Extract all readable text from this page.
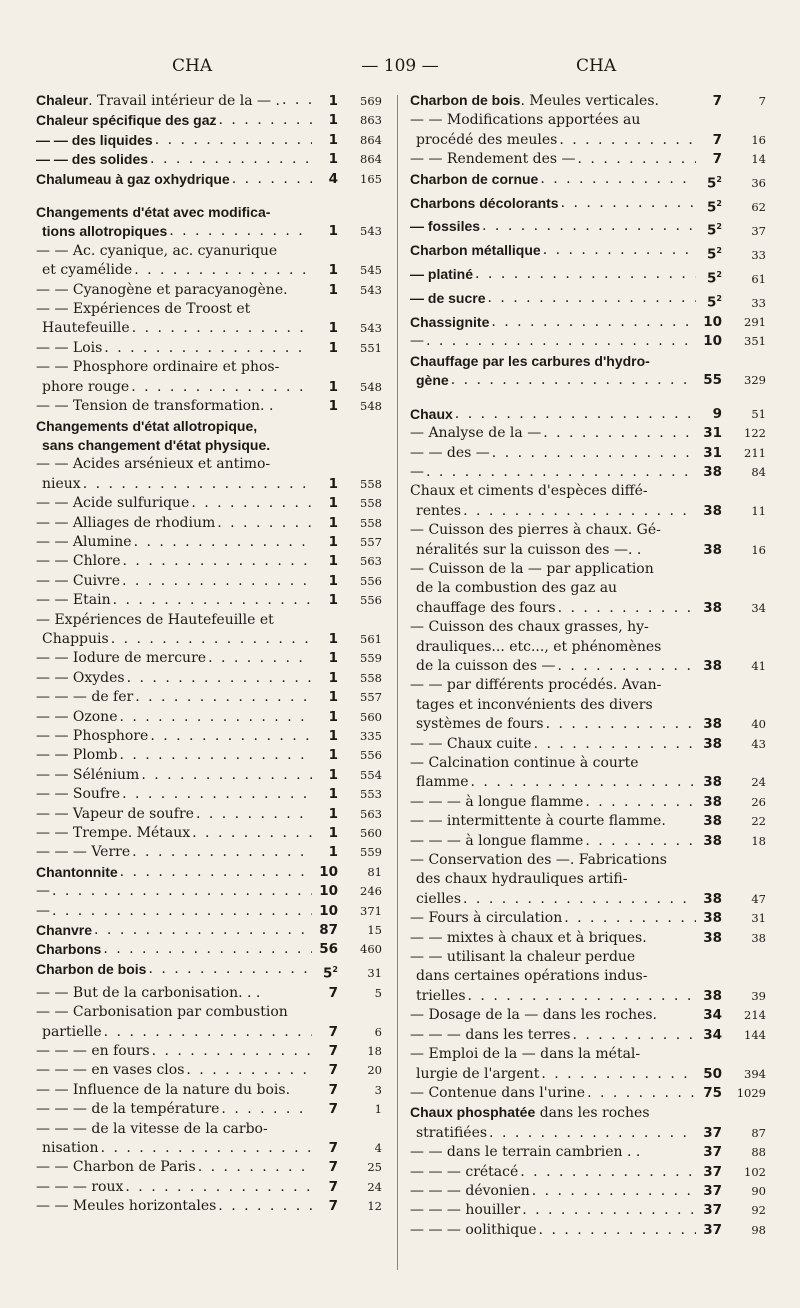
CHA	— 109 —	CHA
Chaleur. Travail intérieur de la — . . . .	1	569
Chaleur spécifique des gaz . . .	1	863
— — des liquides . . .	1	864
— — des solides . . .	1	864
Chalumeau à gaz oxhydrique . . .	4	165
Changements d'état avec modifica-
tions allotropiques . . .	1	543
— — Ac. cyanique, ac. cyanurique
et cyamélide . . .	1	545
— — Cyanogène et paracyanogène.	1	543
— — Expériences de Troost et
Hautefeuille . . .	1	543
— — Lois . . .	1	551
— — Phosphore ordinaire et phos-
phore rouge . . .	1	548
— — Tension de transformation. .	1	548
Changements d'état allotropique,
sans changement d'état physique.
— — Acides arsénieux et antimo-
nieux . . .	1	558
— — Acide sulfurique . . .	1	558
— — Alliages de rhodium . . .	1	558
— — Alumine . . .	1	557
— — Chlore . . .	1	563
— — Cuivre . . .	1	556
— — Etain . . .	1	556
— Expériences de Hautefeuille et
Chappuis . . .	1	561
— — Iodure de mercure . . .	1	559
— — Oxydes . . .	1	558
— — — de fer . . .	1	557
— — Ozone . . .	1	560
— — Phosphore . . .	1	335
— — Plomb . . .	1	556
— — Sélénium . . .	1	554
— — Soufre . . .	1	553
— — Vapeur de soufre . . .	1	563
— — Trempe. Métaux . . .	1	560
— — — Verre . . .	1	559
Chantonnite . . .	10	81
— . . .	10	246
— . . .	10	371
Chanvre . . .	87	15
Charbons . . .	56	460
Charbon de bois . . .	$5^2$	31
— — But de la carbonisation. . .	7	5
— — Carbonisation par combustion
partielle . . .	7	6
— — — en fours . . .	7	18
— — — en vases clos . . .	7	20
— — Influence de la nature du bois.	7	3
— — — de la température . . .	7	1
— — — de la vitesse de la carbo-
nisation . . .	7	4
— — Charbon de Paris . . .	7	25
— — — roux . . .	7	24
— — Meules horizontales . . .	7	12
Charbon de bois. Meules verticales.	7	7
— — Modifications apportées au
procédé des meules . . .	7	16
— — Rendement des — . . .	7	14
Charbon de cornue . . .	$5^2$	36
Charbons décolorants . . .	$5^2$	62
— fossiles . . .	$5^2$	37
Charbon métallique . . .	$5^2$	33
— platiné . . .	$5^2$	61
— de sucre . . .	$5^2$	33
Chassignite . . .	10	291
— . . .	10	351
Chauffage par les carbures d'hydro-
gène . . .	55	329
Chaux . . .	9	51
— Analyse de la — . . .	31	122
— — des — . . .	31	211
— . . .	38	84
Chaux et ciments d'espèces diffé-
rentes . . .	38	11
— Cuisson des pierres à chaux. Gé-
néralités sur la cuisson des —. .	38	16
— Cuisson de la — par application
de la combustion des gaz au
chauffage des fours . . .	38	34
— Cuisson des chaux grasses, hy-
drauliques... etc..., et phénomènes
de la cuisson des — . . .	38	41
— — par différents procédés. Avan-
tages et inconvénients des divers
systèmes de fours . . .	38	40
— — Chaux cuite . . .	38	43
— Calcination continue à courte
flamme . . .	38	24
— — — à longue flamme . . .	38	26
— — intermittente à courte flamme.	38	22
— — — à longue flamme . . .	38	18
— Conservation des —. Fabrications
des chaux hydrauliques artifi-
cielles . . .	38	47
— Fours à circulation . . .	38	31
— — mixtes à chaux et à briques.	38	38
— — utilisant la chaleur perdue
dans certaines opérations indus-
trielles . . .	38	39
— Dosage de la — dans les roches.	34	214
— — — dans les terres . . .	34	144
— Emploi de la — dans la métal-
lurgie de l'argent . . .	50	394
— Contenue dans l'urine . . .	75	1029
Chaux phosphatée dans les roches
stratifiées . . .	37	87
— — dans le terrain cambrien . .	37	88
— — — crétacé . . .	37	102
— — — dévonien . . .	37	90
— — — houiller . . .	37	92
— — — oolithique . . .	37	98
